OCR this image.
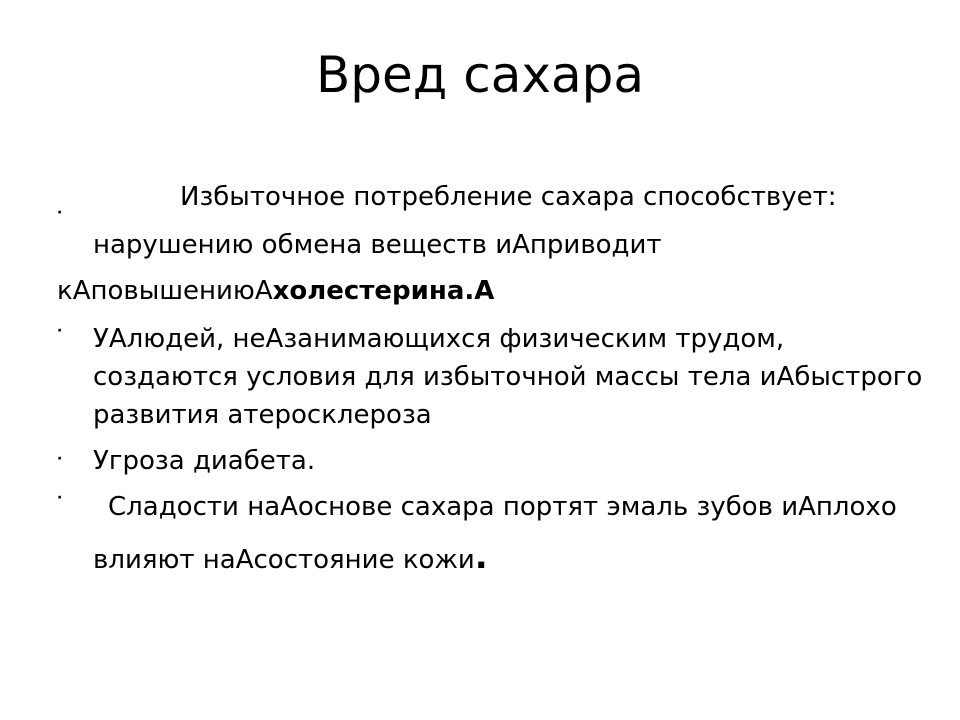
Вред сахара
Избыточное потребление сахара способствует:
·
нарушению обмена веществ иАприводит
кАповышениюАхолестерина.А
· УАлюдей, неАзанимающихся физическим трудом,
создаются условия для избыточной массы тела иАбыстрого
развития атеросклероза
· Угроза диабета.
· Сладости наАоснове сахара портят эмаль зубов иАплохо
влияют наАсостояние кожи.
